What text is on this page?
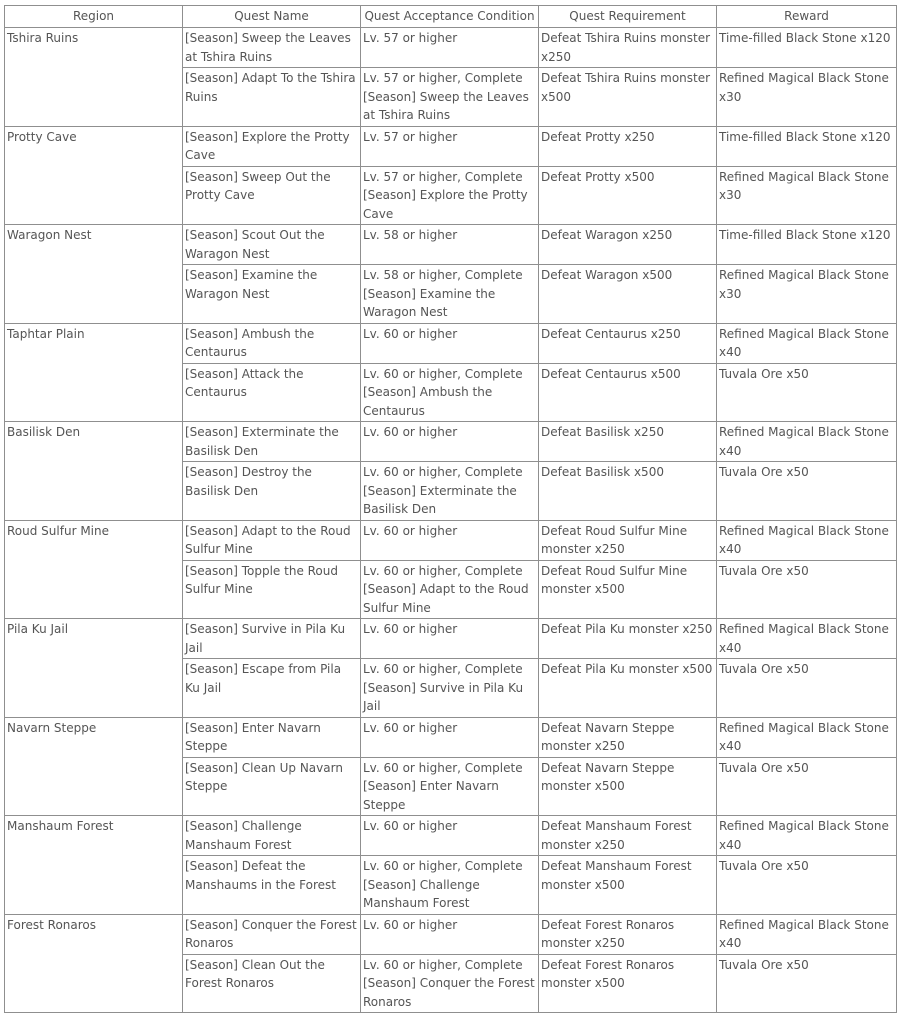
Region	Quest Name	Quest Acceptance Condition	Quest Requirement	Reward
Tshira Ruins	[Season] Sweep the Leaves at Tshira Ruins	Lv. 57 or higher	Defeat Tshira Ruins monster x250	Time-filled Black Stone x120
	[Season] Adapt To the Tshira Ruins	Lv. 57 or higher, Complete [Season] Sweep the Leaves at Tshira Ruins	Defeat Tshira Ruins monster x500	Refined Magical Black Stone x30
Protty Cave	[Season] Explore the Protty Cave	Lv. 57 or higher	Defeat Protty x250	Time-filled Black Stone x120
	[Season] Sweep Out the Protty Cave	Lv. 57 or higher, Complete [Season] Explore the Protty Cave	Defeat Protty x500	Refined Magical Black Stone x30
Waragon Nest	[Season] Scout Out the Waragon Nest	Lv. 58 or higher	Defeat Waragon x250	Time-filled Black Stone x120
	[Season] Examine the Waragon Nest	Lv. 58 or higher, Complete [Season] Examine the Waragon Nest	Defeat Waragon x500	Refined Magical Black Stone x30
Taphtar Plain	[Season] Ambush the Centaurus	Lv. 60 or higher	Defeat Centaurus x250	Refined Magical Black Stone x40
	[Season] Attack the Centaurus	Lv. 60 or higher, Complete [Season] Ambush the Centaurus	Defeat Centaurus x500	Tuvala Ore x50
Basilisk Den	[Season] Exterminate the Basilisk Den	Lv. 60 or higher	Defeat Basilisk x250	Refined Magical Black Stone x40
	[Season] Destroy the Basilisk Den	Lv. 60 or higher, Complete [Season] Exterminate the Basilisk Den	Defeat Basilisk x500	Tuvala Ore x50
Roud Sulfur Mine	[Season] Adapt to the Roud Sulfur Mine	Lv. 60 or higher	Defeat Roud Sulfur Mine monster x250	Refined Magical Black Stone x40
	[Season] Topple the Roud Sulfur Mine	Lv. 60 or higher, Complete [Season] Adapt to the Roud Sulfur Mine	Defeat Roud Sulfur Mine monster x500	Tuvala Ore x50
Pila Ku Jail	[Season] Survive in Pila Ku Jail	Lv. 60 or higher	Defeat Pila Ku monster x250	Refined Magical Black Stone x40
	[Season] Escape from Pila Ku Jail	Lv. 60 or higher, Complete [Season] Survive in Pila Ku Jail	Defeat Pila Ku monster x500	Tuvala Ore x50
Navarn Steppe	[Season] Enter Navarn Steppe	Lv. 60 or higher	Defeat Navarn Steppe monster x250	Refined Magical Black Stone x40
	[Season] Clean Up Navarn Steppe	Lv. 60 or higher, Complete [Season] Enter Navarn Steppe	Defeat Navarn Steppe monster x500	Tuvala Ore x50
Manshaum Forest	[Season] Challenge Manshaum Forest	Lv. 60 or higher	Defeat Manshaum Forest monster x250	Refined Magical Black Stone x40
	[Season] Defeat the Manshaums in the Forest	Lv. 60 or higher, Complete [Season] Challenge Manshaum Forest	Defeat Manshaum Forest monster x500	Tuvala Ore x50
Forest Ronaros	[Season] Conquer the Forest Ronaros	Lv. 60 or higher	Defeat Forest Ronaros monster x250	Refined Magical Black Stone x40
	[Season] Clean Out the Forest Ronaros	Lv. 60 or higher, Complete [Season] Conquer the Forest Ronaros	Defeat Forest Ronaros monster x500	Tuvala Ore x50
